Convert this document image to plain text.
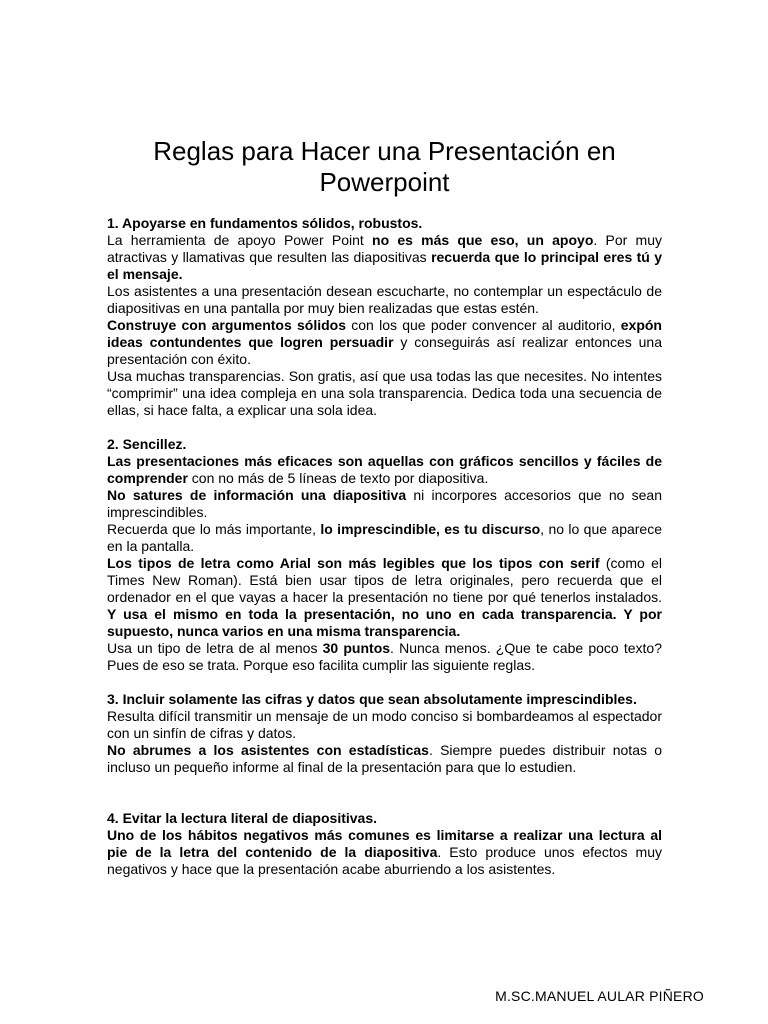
Reglas para Hacer una Presentación en Powerpoint

1. Apoyarse en fundamentos sólidos, robustos.

La herramienta de apoyo Power Point no es más que eso, un apoyo. Por muy atractivas y llamativas que resulten las diapositivas recuerda que lo principal eres tú y el mensaje.

Los asistentes a una presentación desean escucharte, no contemplar un espectáculo de diapositivas en una pantalla por muy bien realizadas que estas estén.

Construye con argumentos sólidos con los que poder convencer al auditorio, expón ideas contundentes que logren persuadir y conseguirás así realizar entonces una presentación con éxito.

Usa muchas transparencias. Son gratis, así que usa todas las que necesites. No intentes “comprimir” una idea compleja en una sola transparencia. Dedica toda una secuencia de ellas, si hace falta, a explicar una sola idea.

2. Sencillez.

Las presentaciones más eficaces son aquellas con gráficos sencillos y fáciles de comprender con no más de 5 líneas de texto por diapositiva.

No satures de información una diapositiva ni incorpores accesorios que no sean imprescindibles.

Recuerda que lo más importante, lo imprescindible, es tu discurso, no lo que aparece en la pantalla.

Los tipos de letra como Arial son más legibles que los tipos con serif (como el Times New Roman). Está bien usar tipos de letra originales, pero recuerda que el ordenador en el que vayas a hacer la presentación no tiene por qué tenerlos instalados. Y usa el mismo en toda la presentación, no uno en cada transparencia. Y por supuesto, nunca varios en una misma transparencia.

Usa un tipo de letra de al menos 30 puntos. Nunca menos. ¿Que te cabe poco texto? Pues de eso se trata. Porque eso facilita cumplir las siguiente reglas.

3. Incluir solamente las cifras y datos que sean absolutamente imprescindibles.

Resulta difícil transmitir un mensaje de un modo conciso si bombardeamos al espectador con un sinfín de cifras y datos.

No abrumes a los asistentes con estadísticas. Siempre puedes distribuir notas o incluso un pequeño informe al final de la presentación para que lo estudien.

4. Evitar la lectura literal de diapositivas.

Uno de los hábitos negativos más comunes es limitarse a realizar una lectura al pie de la letra del contenido de la diapositiva. Esto produce unos efectos muy negativos y hace que la presentación acabe aburriendo a los asistentes.

M.SC.MANUEL AULAR PIÑERO
